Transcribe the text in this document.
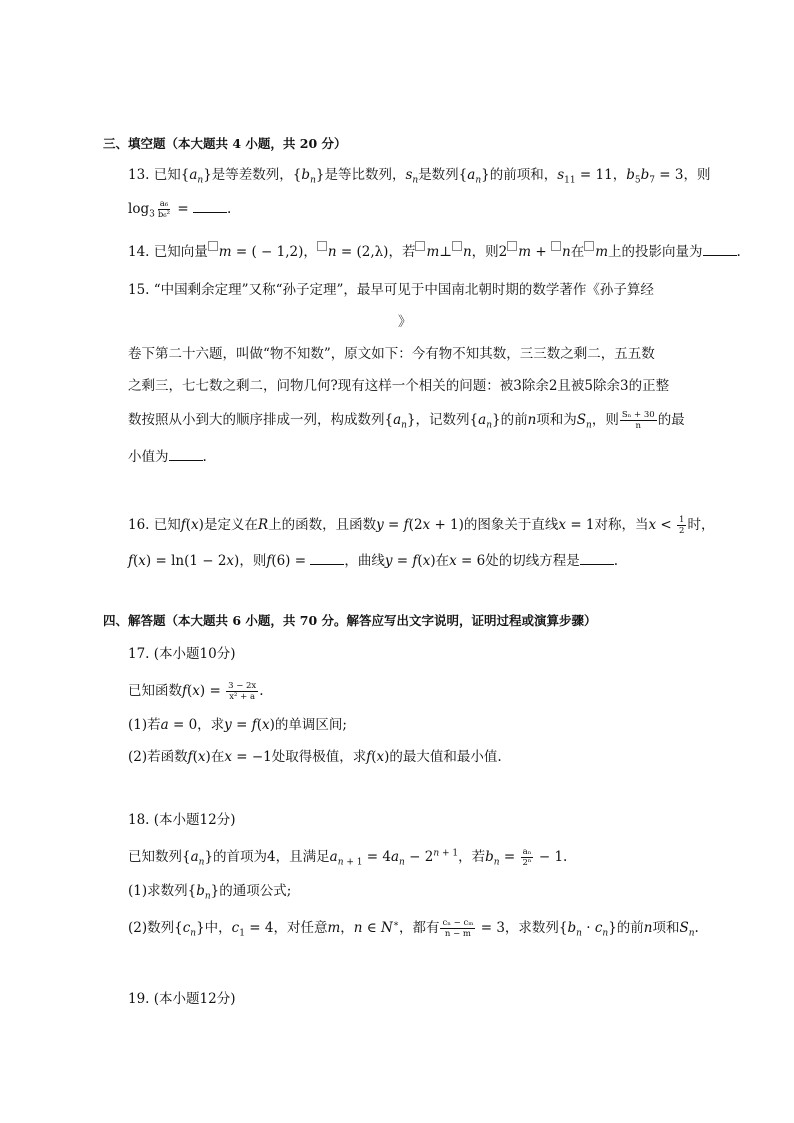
三、填空题（本大题共 4 小题，共 20 分）
13. 已知$\{a_n\}$是等差数列，$\{b_n\}$是等比数列，$s_n$是数列$\{a_n\}$的前项和，$s_{11} = 11$，$b_5b_7 = 3$，则
$\log_3 \frac{\text{a₆}}{\text{b₆²}}$ =	.
14. 已知向量 m = ( − 1,2)， n = (2,λ)，若 m⊥ n，则2 m + n在 m上的投影向量为	.
15. “中国剩余定理”又称“孙子定理”，最早可见于中国南北朝时期的数学著作《孙子算经
》
卷下第二十六题，叫做“物不知数”，原文如下：今有物不知其数，三三数之剩二，五五数
之剩三，七七数之剩二，问物几何?现有这样一个相关的问题：被3除余2且被5除余3的正整
数按照从小到大的顺序排成一列，构成数列$\{a_n\}$，记数列$\{a_n\}$的前n项和为$S_n$，则 $\frac{\text{Sₙ + 30}}{n}$ 的最
小值为	.
16. 已知f(x)是定义在R上的函数，且函数y = f(2x + 1)的图象关于直线x = 1对称，当$x < \frac{1}{2}$ 时，
f(x) = ln(1 − 2x)，则f(6) =	，曲线y = f(x)在x = 6处的切线方程是	.
四、解答题（本大题共 6 小题，共 70 分。解答应写出文字说明，证明过程或演算步骤）
17. (本小题10分)
已知函数$f(x) = \frac{3 - 2x}{\text{x² + a}}$ .
(1)若a = 0，求y = f(x)的单调区间;
(2)若函数f(x)在x = −1处取得极值，求f(x)的最大值和最小值.
18. (本小题12分)
已知数列$\{a_n\}$的首项为4，且满足$a_{n + 1} = 4a_n - 2^{n + 1}$，若$b_n = \frac{\text{aₙ}}{\text{2ⁿ}} - 1$.
(1)求数列$\{b_n\}$的通项公式;
(2)数列$\{c_n\}$中，$c_1 = 4$，对任意m，n ∈ N∗，都有 $\frac{\text{cₙ − cₘ}}{n - m} = 3$，求数列$\{b_n \cdot c_n\}$的前n项和$S_n$.
19. (本小题12分)
